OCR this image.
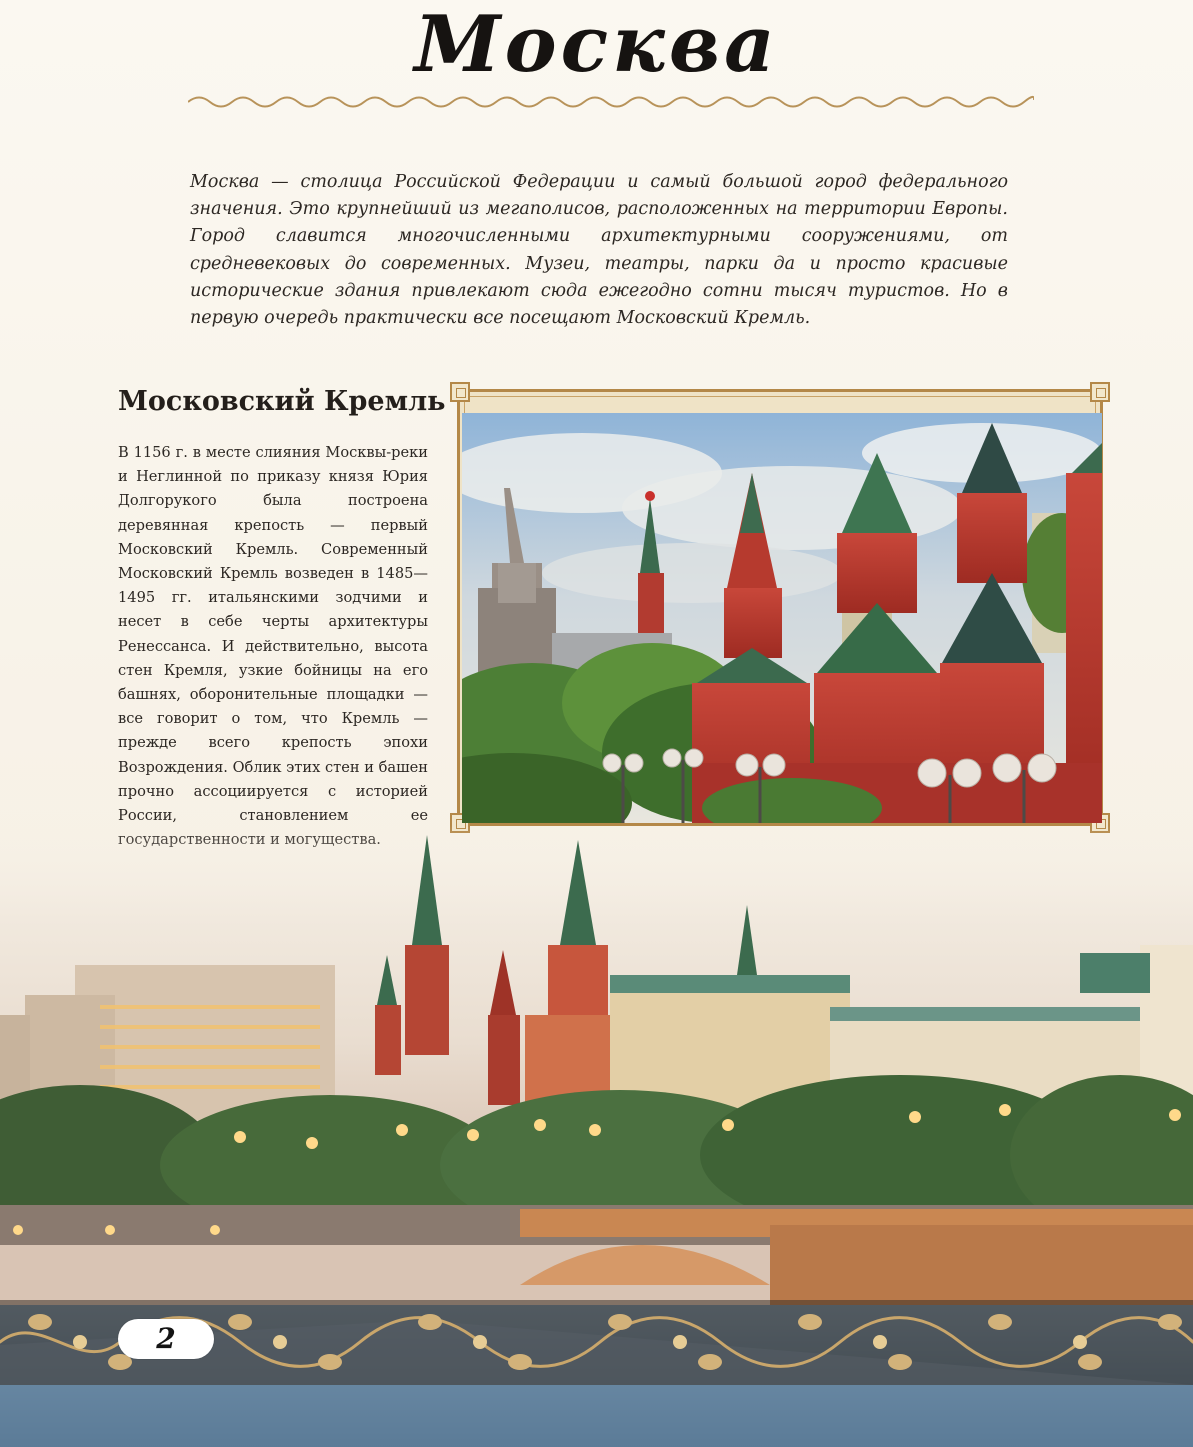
Москва

Москва — столица Российской Федерации и самый большой город федерального значения. Это крупнейший из мегаполисов, расположенных на территории Европы. Город славится многочисленными архитектурными сооружениями, от средневековых до современных. Музеи, театры, парки да и просто красивые исторические здания привлекают сюда ежегодно сотни тысяч туристов. Но в первую очередь практически все посещают Московский Кремль.

Московский Кремль

В 1156 г. в месте слияния Москвы-реки и Неглинной по приказу князя Юрия Долгорукого была построена деревянная крепость — первый Московский Кремль. Современный Московский Кремль возведен в 1485—1495 гг. итальянскими зодчими и несет в себе черты архитектуры Ренессанса. И действительно, высота стен Кремля, узкие бойницы на его башнях, оборонительные площадки — все говорит о том, что Кремль — прежде всего крепость эпохи Возрождения. Облик этих стен и башен прочно ассоциируется с историей России, становлением ее

2
